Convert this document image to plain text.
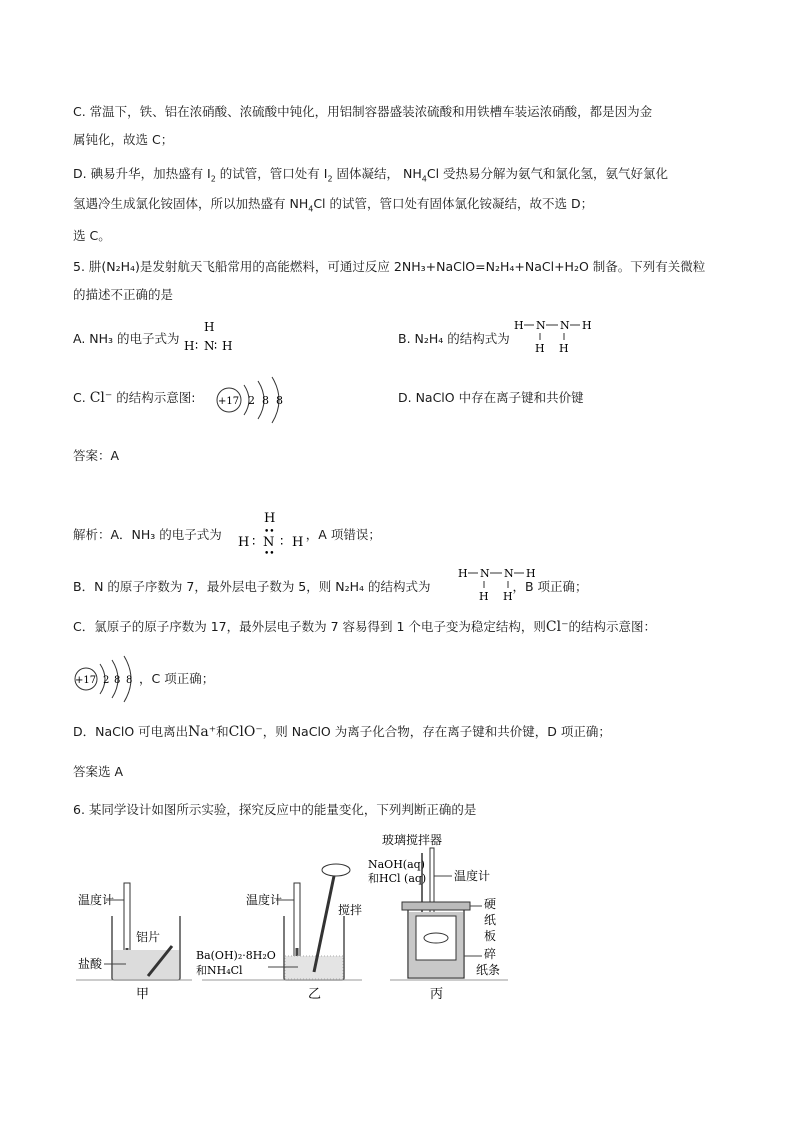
C. 常温下，铁、铝在浓硝酸、浓硫酸中钝化，用铝制容器盛装浓硫酸和用铁槽车装运浓硝酸，都是因为金
属钝化，故选 C；
D. 碘易升华，加热盛有 $I_2$ 的试管，管口处有 $I_2$ 固体凝结， $NH_4Cl$ 受热易分解为氨气和氯化氢，氨气好氯化
氢遇冷生成氯化铵固体，所以加热盛有 $NH_4Cl$ 的试管，管口处有固体氯化铵凝结，故不选 D；
选 C。
5. 肼(N₂H₄)是发射航天飞船常用的高能燃料，可通过反应 2NH₃+NaClO=N₂H₄+NaCl+H₂O 制备。下列有关微粒
的描述不正确的是
A. NH₃ 的电子式为
H
H ∶ N ∶ H	B. N₂H₄ 的结构式为
H N N H
H H
C. Cl⁻ 的结构示意图: +17 2 8 8	D. NaClO 中存在离子键和共价键
答案：A
解析：A．NH₃ 的电子式为	，A 项错误；
H
••
H ∶ N
••
∶ H
B．N 的原子序数为 7，最外层电子数为 5，则 N₂H₄ 的结构式为	，B 项正确；
H N N H
H H
C．氯原子的原子序数为 17，最外层电子数为 7 容易得到 1 个电子变为稳定结构，则Cl⁻的结构示意图：
+17 2 8 8 ，C 项正确；
D．NaClO 可电离出Na⁺和ClO⁻，则 NaClO 为离子化合物，存在离子键和共价键，D 项正确；
答案选 A
6. 某同学设计如图所示实验，探究反应中的能量变化，下列判断正确的是
温度计
铝片
盐酸
甲
温度计
搅拌
Ba(OH)₂·8H₂O
和NH₄Cl
乙
玻璃搅拌器
NaOH(aq)
和HCl (aq) 温度计
硬
纸
板
碎
纸条
丙
